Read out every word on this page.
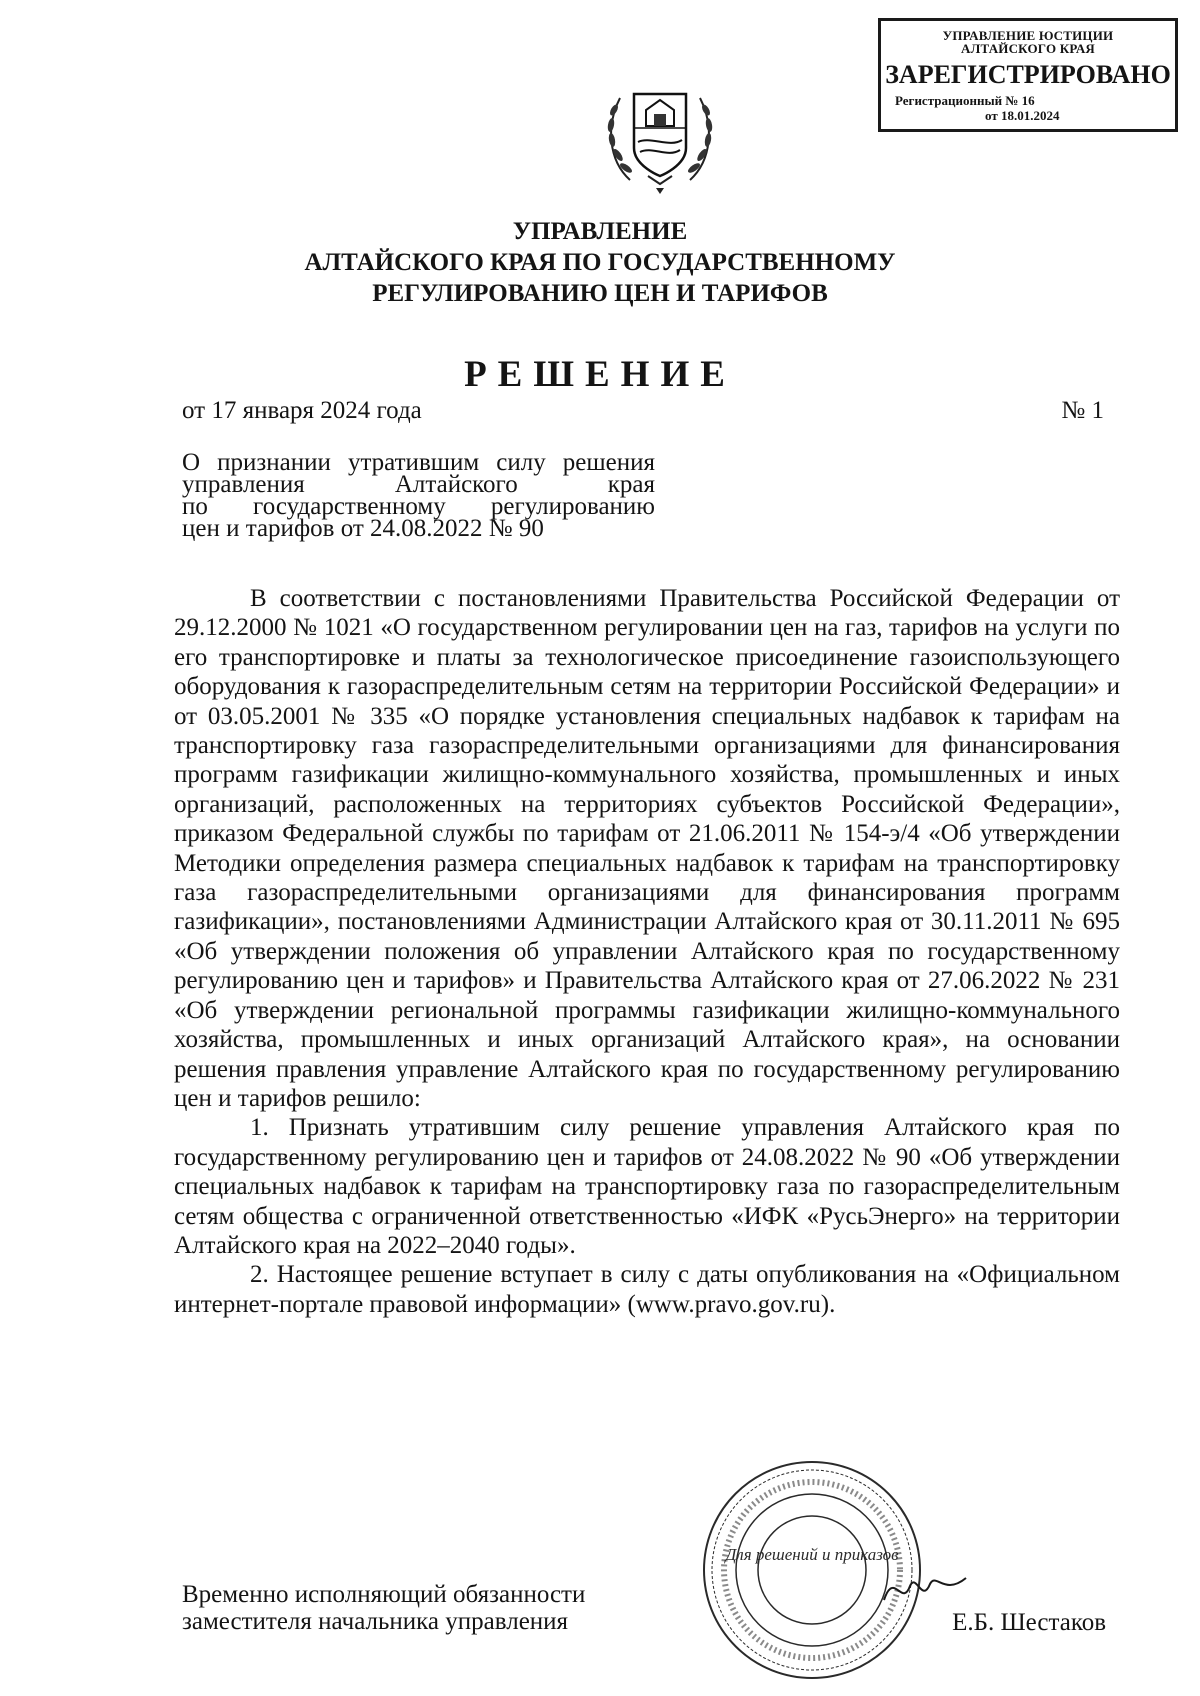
УПРАВЛЕНИЕ ЮСТИЦИИ
АЛТАЙСКОГО КРАЯ
ЗАРЕГИСТРИРОВАНО
Регистрационный № 16
от 18.01.2024
УПРАВЛЕНИЕ
АЛТАЙСКОГО КРАЯ ПО ГОСУДАРСТВЕННОМУ
РЕГУЛИРОВАНИЮ ЦЕН И ТАРИФОВ
РЕШЕНИЕ
от 17 января 2024 года	№ 1
О признании утратившим силу решения
управления Алтайского края
по государственному регулированию
цен и тарифов от 24.08.2022 № 90

В соответствии с постановлениями Правительства Российской Федерации от 29.12.2000 № 1021 «О государственном регулировании цен на газ, тарифов на услуги по его транспортировке и платы за технологическое присоединение газоиспользующего оборудования к газораспределительным сетям на территории Российской Федерации» и от 03.05.2001 № 335 «О порядке установления специальных надбавок к тарифам на транспортировку газа газораспределительными организациями для финансирования программ газификации жилищно-коммунального хозяйства, промышленных и иных организаций, расположенных на территориях субъектов Российской Федерации», приказом Федеральной службы по тарифам от 21.06.2011 № 154-э/4 «Об утверждении Методики определения размера специальных надбавок к тарифам на транспортировку газа газораспределительными организациями для финансирования программ газификации», постановлениями Администрации Алтайского края от 30.11.2011 № 695 «Об утверждении положения об управлении Алтайского края по государственному регулированию цен и тарифов» и Правительства Алтайского края от 27.06.2022 № 231 «Об утверждении региональной программы газификации жилищно-коммунального хозяйства, промышленных и иных организаций Алтайского края», на основании решения правления управление Алтайского края по государственному регулированию цен и тарифов решило:

1. Признать утратившим силу решение управления Алтайского края по государственному регулированию цен и тарифов от 24.08.2022 № 90 «Об утверждении специальных надбавок к тарифам на транспортировку газа по газораспределительным сетям общества с ограниченной ответственностью «ИФК «РусьЭнерго» на территории Алтайского края на 2022–2040 годы».

2. Настоящее решение вступает в силу с даты опубликования на «Официальном интернет-портале правовой информации» (www.pravo.gov.ru).

Для решений и приказов
Временно исполняющий обязанности
заместителя начальника управления	Е.Б. Шестаков
